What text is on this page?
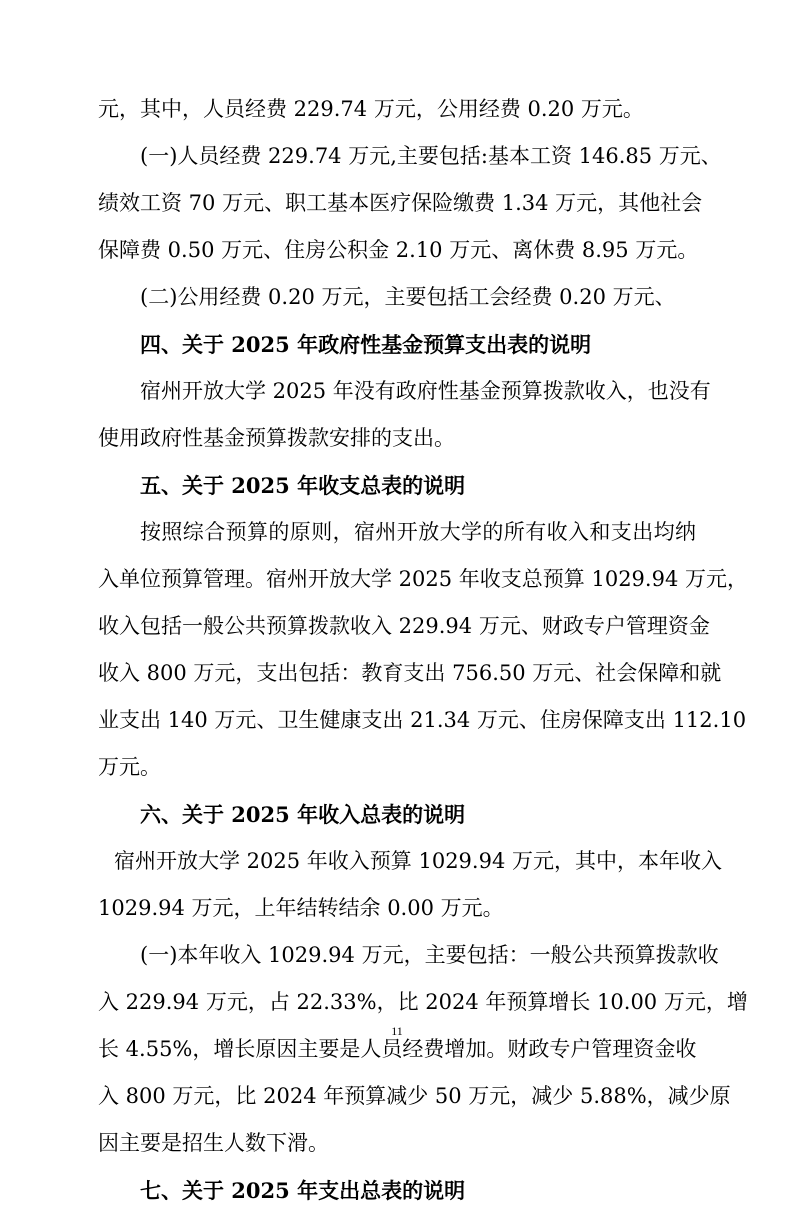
元，其中，人员经费 229.74 万元，公用经费 0.20 万元。
(一)人员经费 229.74 万元,主要包括:基本工资 146.85 万元、
绩效工资 70 万元、职工基本医疗保险缴费 1.34 万元，其他社会
保障费 0.50 万元、住房公积金 2.10 万元、离休费 8.95 万元。
(二)公用经费 0.20 万元，主要包括工会经费 0.20 万元、
四、关于 2025 年政府性基金预算支出表的说明
宿州开放大学 2025 年没有政府性基金预算拨款收入，也没有
使用政府性基金预算拨款安排的支出。
五、关于 2025 年收支总表的说明
按照综合预算的原则，宿州开放大学的所有收入和支出均纳
入单位预算管理。宿州开放大学 2025 年收支总预算 1029.94 万元，
收入包括一般公共预算拨款收入 229.94 万元、财政专户管理资金
收入 800 万元，支出包括：教育支出 756.50 万元、社会保障和就
业支出 140 万元、卫生健康支出 21.34 万元、住房保障支出 112.10
万元。
六、关于 2025 年收入总表的说明
宿州开放大学 2025 年收入预算 1029.94 万元，其中，本年收入
1029.94 万元，上年结转结余 0.00 万元。
(一)本年收入 1029.94 万元，主要包括：一般公共预算拨款收
入 229.94 万元，占 22.33%，比 2024 年预算增长 10.00 万元，增
长 4.55%，增长原因主要是人员经费增加。财政专户管理资金收
入 800 万元，比 2024 年预算减少 50 万元，减少 5.88%，减少原
因主要是招生人数下滑。
七、关于 2025 年支出总表的说明
11
